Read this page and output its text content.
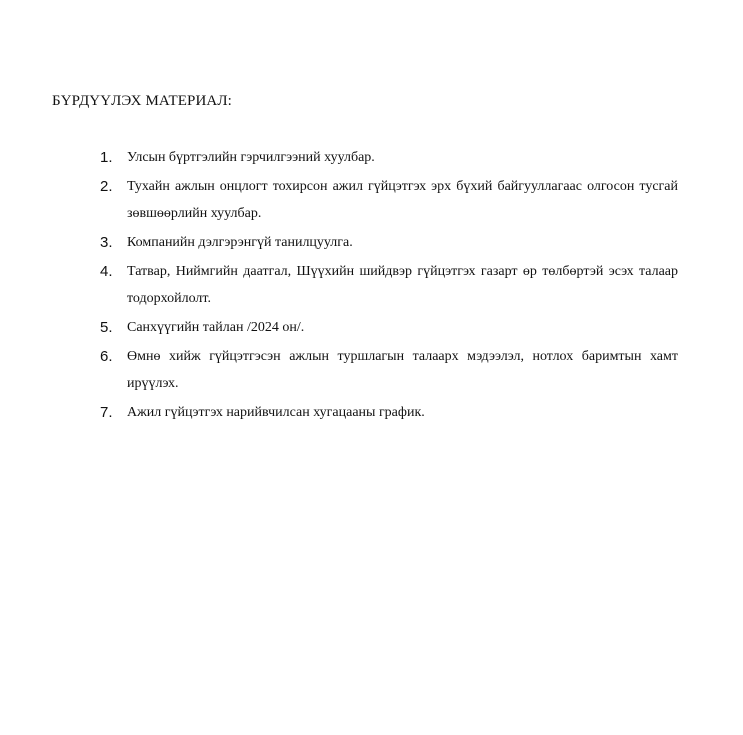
БҮРДҮҮЛЭХ МАТЕРИАЛ:
1.	Улсын бүртгэлийн гэрчилгээний хуулбар.
2.	Тухайн ажлын онцлогт тохирсон ажил гүйцэтгэх эрх бүхий байгууллагаас олгосон тусгай зөвшөөрлийн хуулбар.
3.	Компанийн дэлгэрэнгүй танилцуулга.
4.	Татвар, Ниймгийн даатгал, Шүүхийн шийдвэр гүйцэтгэх газарт өр төлбөртэй эсэх талаар тодорхойлолт.
5.	Санхүүгийн тайлан /2024 он/.
6.	Өмнө хийж гүйцэтгэсэн ажлын туршлагын талаарх мэдээлэл, нотлох баримтын хамт ирүүлэх.
7.	Ажил гүйцэтгэх нарийвчилсан хугацааны график.
